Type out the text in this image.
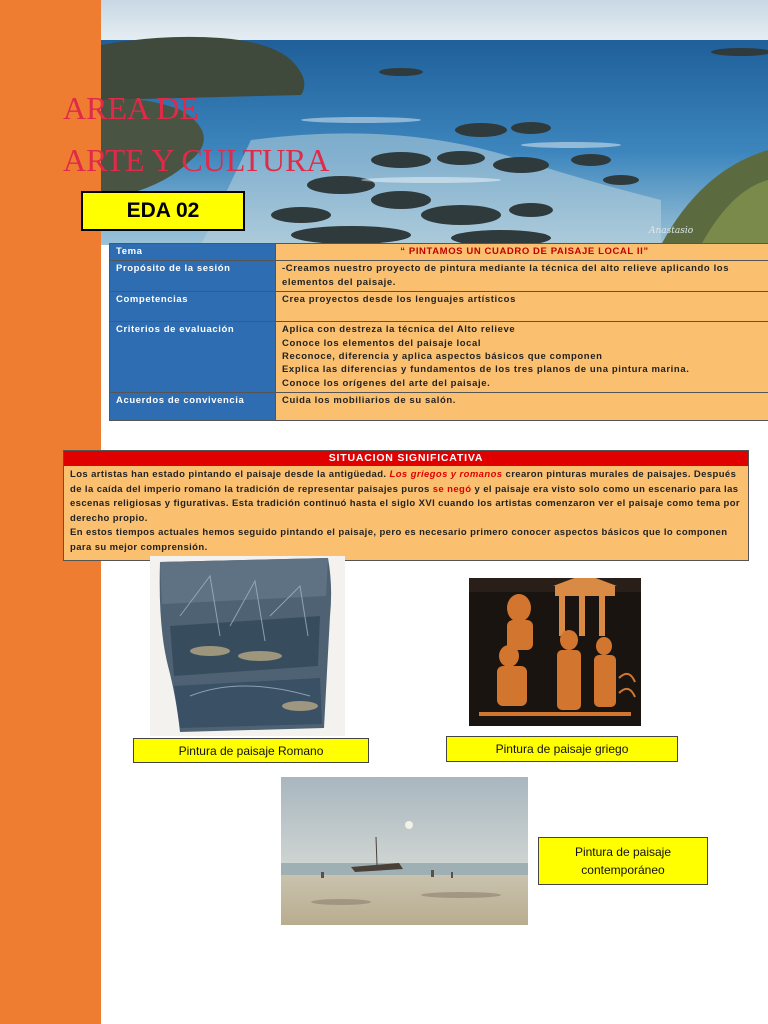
Anastasio
AREA DE
ARTE Y CULTURA
EDA 02
Tema	“ PINTAMOS UN CUADRO DE PAISAJE LOCAL II”
Propósito de la sesión	-Creamos nuestro proyecto de pintura mediante la técnica del alto relieve aplicando los elementos del paisaje.
Competencias	Crea proyectos desde los lenguajes artísticos
Criterios de evaluación	Aplica con destreza la técnica del Alto relieve
Conoce los elementos del paisaje local
Reconoce, diferencia y aplica aspectos básicos que componen
Explica las diferencias y fundamentos de los tres planos de una pintura marina.
Conoce los orígenes del arte del paisaje.

Acuerdos de convivencia	Cuida los mobiliarios de su salón.
SITUACION SIGNIFICATIVA
Los artistas han estado pintando el paisaje desde la antigüedad. Los griegos y romanos crearon pinturas murales de paisajes. Después de la caída del imperio romano la tradición de representar paisajes puros se negó y el paisaje era visto solo como un escenario para las escenas religiosas y figurativas. Esta tradición continuó hasta el siglo XVI cuando los artistas comenzaron ver el paisaje como tema por derecho propio.
En estos tiempos actuales hemos seguido pintando el paisaje, pero es necesario primero conocer aspectos básicos que lo componen para su mejor comprensión.
Pintura de paisaje Romano	Pintura de paisaje griego
Pintura de paisaje contemporáneo
